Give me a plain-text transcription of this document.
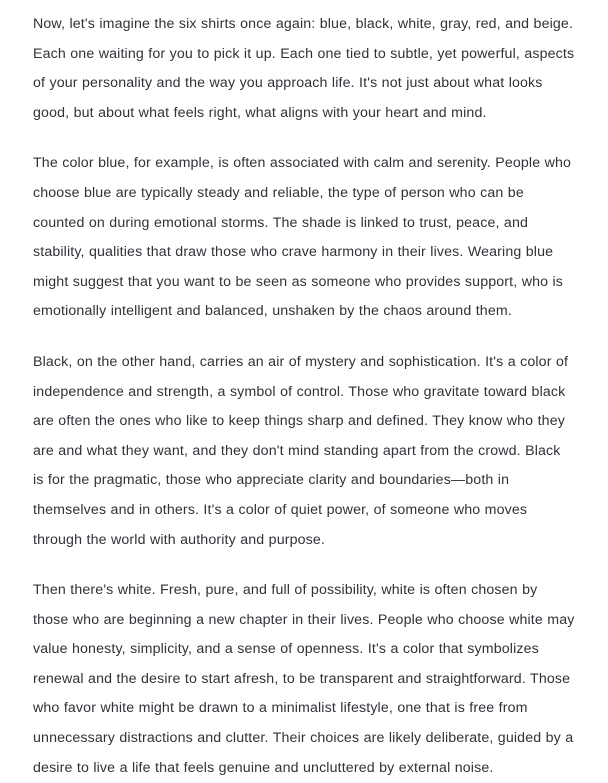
Now, let's imagine the six shirts once again: blue, black, white, gray, red, and beige. Each one waiting for you to pick it up. Each one tied to subtle, yet powerful, aspects of your personality and the way you approach life. It's not just about what looks good, but about what feels right, what aligns with your heart and mind.

The color blue, for example, is often associated with calm and serenity. People who choose blue are typically steady and reliable, the type of person who can be counted on during emotional storms. The shade is linked to trust, peace, and stability, qualities that draw those who crave harmony in their lives. Wearing blue might suggest that you want to be seen as someone who provides support, who is emotionally intelligent and balanced, unshaken by the chaos around them.

Black, on the other hand, carries an air of mystery and sophistication. It's a color of independence and strength, a symbol of control. Those who gravitate toward black are often the ones who like to keep things sharp and defined. They know who they are and what they want, and they don't mind standing apart from the crowd. Black is for the pragmatic, those who appreciate clarity and boundaries—both in themselves and in others. It's a color of quiet power, of someone who moves through the world with authority and purpose.

Then there's white. Fresh, pure, and full of possibility, white is often chosen by those who are beginning a new chapter in their lives. People who choose white may value honesty, simplicity, and a sense of openness. It's a color that symbolizes renewal and the desire to start afresh, to be transparent and straightforward. Those who favor white might be drawn to a minimalist lifestyle, one that is free from unnecessary distractions and clutter. Their choices are likely deliberate, guided by a desire to live a life that feels genuine and uncluttered by external noise.
